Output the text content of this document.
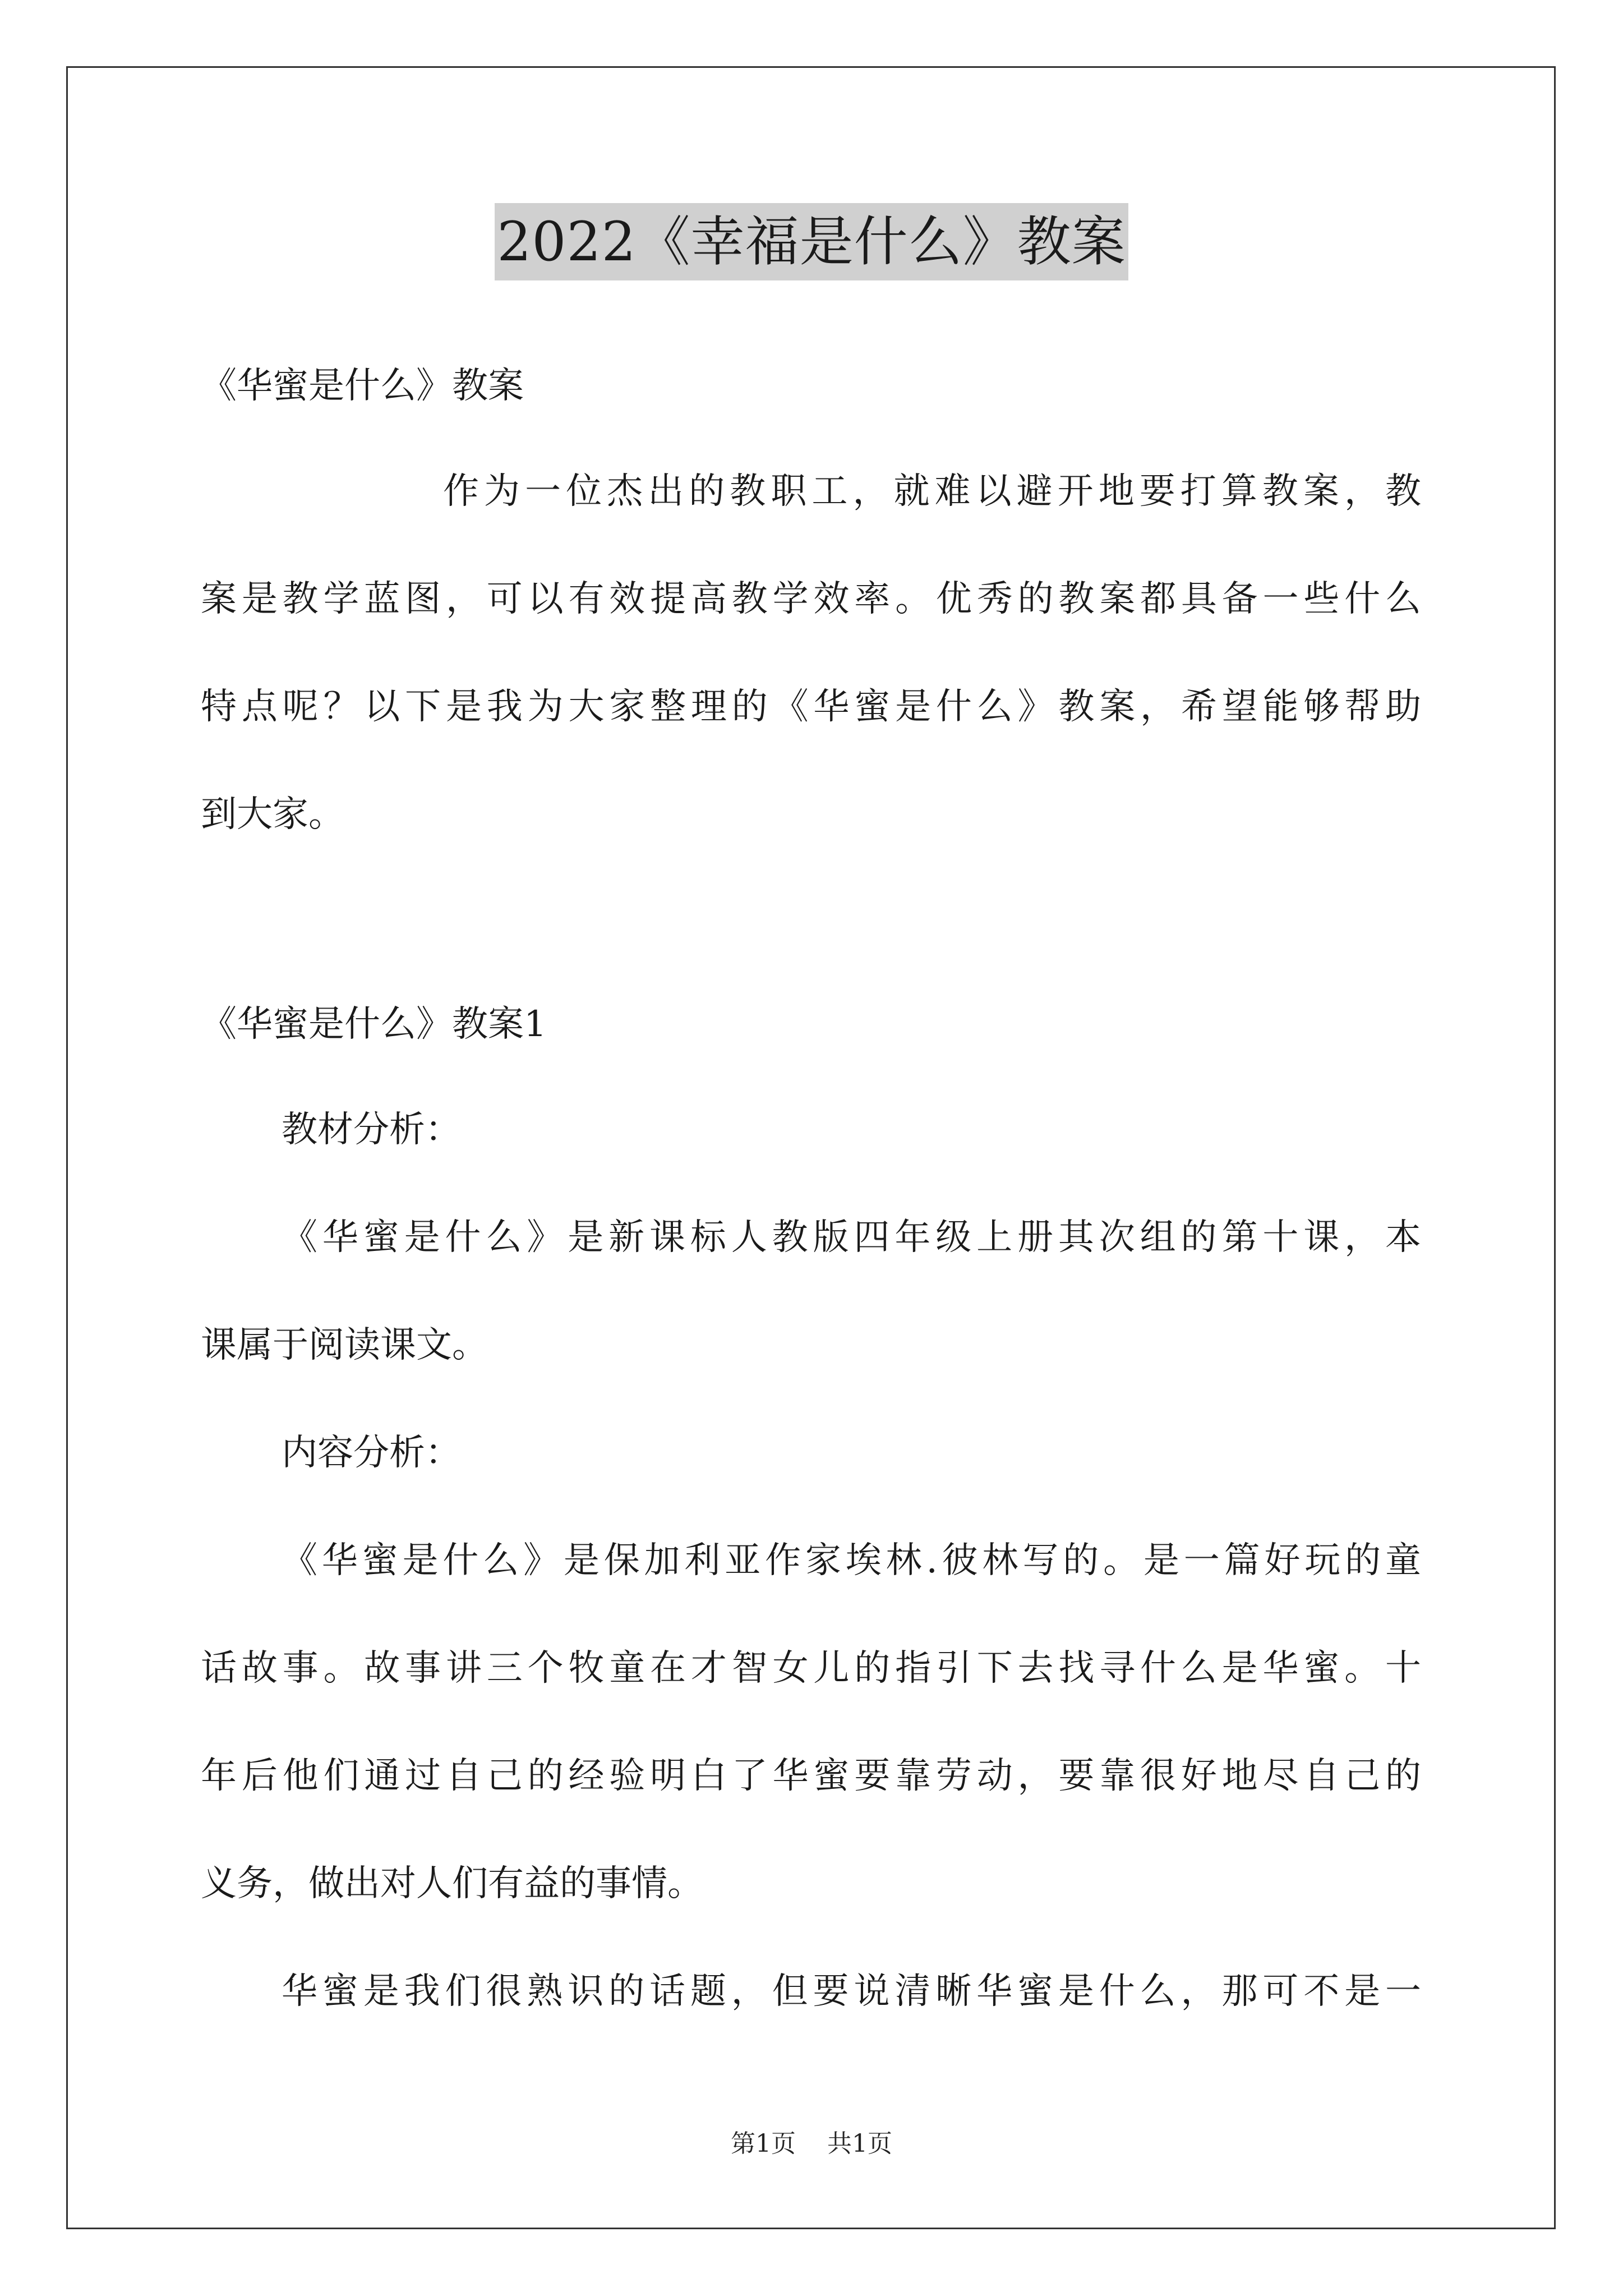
2022《幸福是什么》教案
《华蜜是什么》教案
作为一位杰出的教职工，就难以避开地要打算教案，教
案是教学蓝图，可以有效提高教学效率。优秀的教案都具备一些什么
特点呢？以下是我为大家整理的《华蜜是什么》教案，希望能够帮助
到大家。
《华蜜是什么》教案1
教材分析：
《华蜜是什么》是新课标人教版四年级上册其次组的第十课，本
课属于阅读课文。
内容分析：
《华蜜是什么》是保加利亚作家埃林.彼林写的。是一篇好玩的童
话故事。故事讲三个牧童在才智女儿的指引下去找寻什么是华蜜。十
年后他们通过自己的经验明白了华蜜要靠劳动，要靠很好地尽自己的
义务，做出对人们有益的事情。
华蜜是我们很熟识的话题，但要说清晰华蜜是什么，那可不是一
第1页 共1页
